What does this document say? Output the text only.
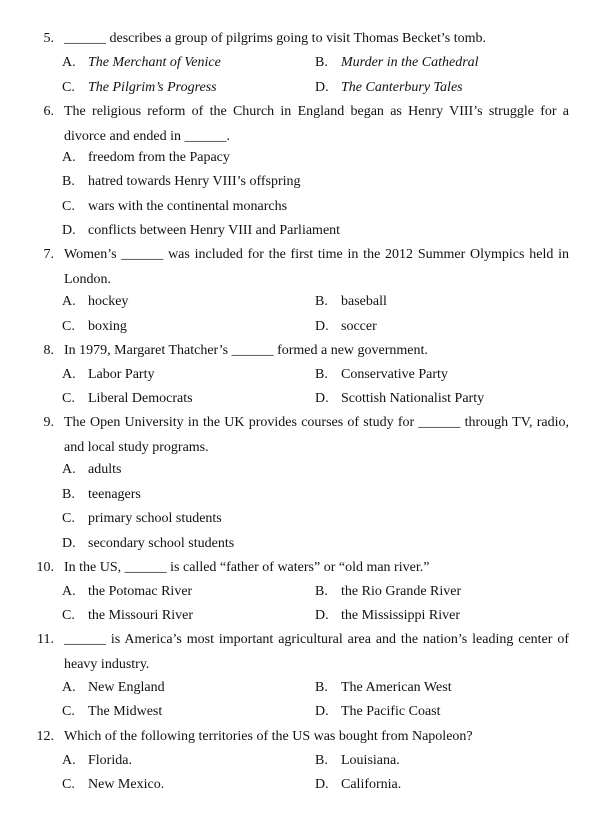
5. ______ describes a group of pilgrims going to visit Thomas Becket’s tomb.
A. The Merchant of Venice	B. Murder in the Cathedral
C. The Pilgrim’s Progress	D. The Canterbury Tales
6. The religious reform of the Church in England began as Henry VIII’s struggle for a
divorce and ended in ______.
A. freedom from the Papacy
B. hatred towards Henry VIII’s offspring
C. wars with the continental monarchs
D. conflicts between Henry VIII and Parliament
7. Women’s ______ was included for the first time in the 2012 Summer Olympics held in
London.
A. hockey	B. baseball
C. boxing	D. soccer
8. In 1979, Margaret Thatcher’s ______ formed a new government.
A. Labor Party	B. Conservative Party
C. Liberal Democrats	D. Scottish Nationalist Party
9. The Open University in the UK provides courses of study for ______ through TV, radio,
and local study programs.
A. adults
B. teenagers
C. primary school students
D. secondary school students
10. In the US, ______ is called “father of waters” or “old man river.”
A. the Potomac River	B. the Rio Grande River
C. the Missouri River	D. the Mississippi River
11. ______ is America’s most important agricultural area and the nation’s leading center of
heavy industry.
A. New England	B. The American West
C. The Midwest	D. The Pacific Coast
12. Which of the following territories of the US was bought from Napoleon?
A. Florida.	B. Louisiana.
C. New Mexico.	D. California.
